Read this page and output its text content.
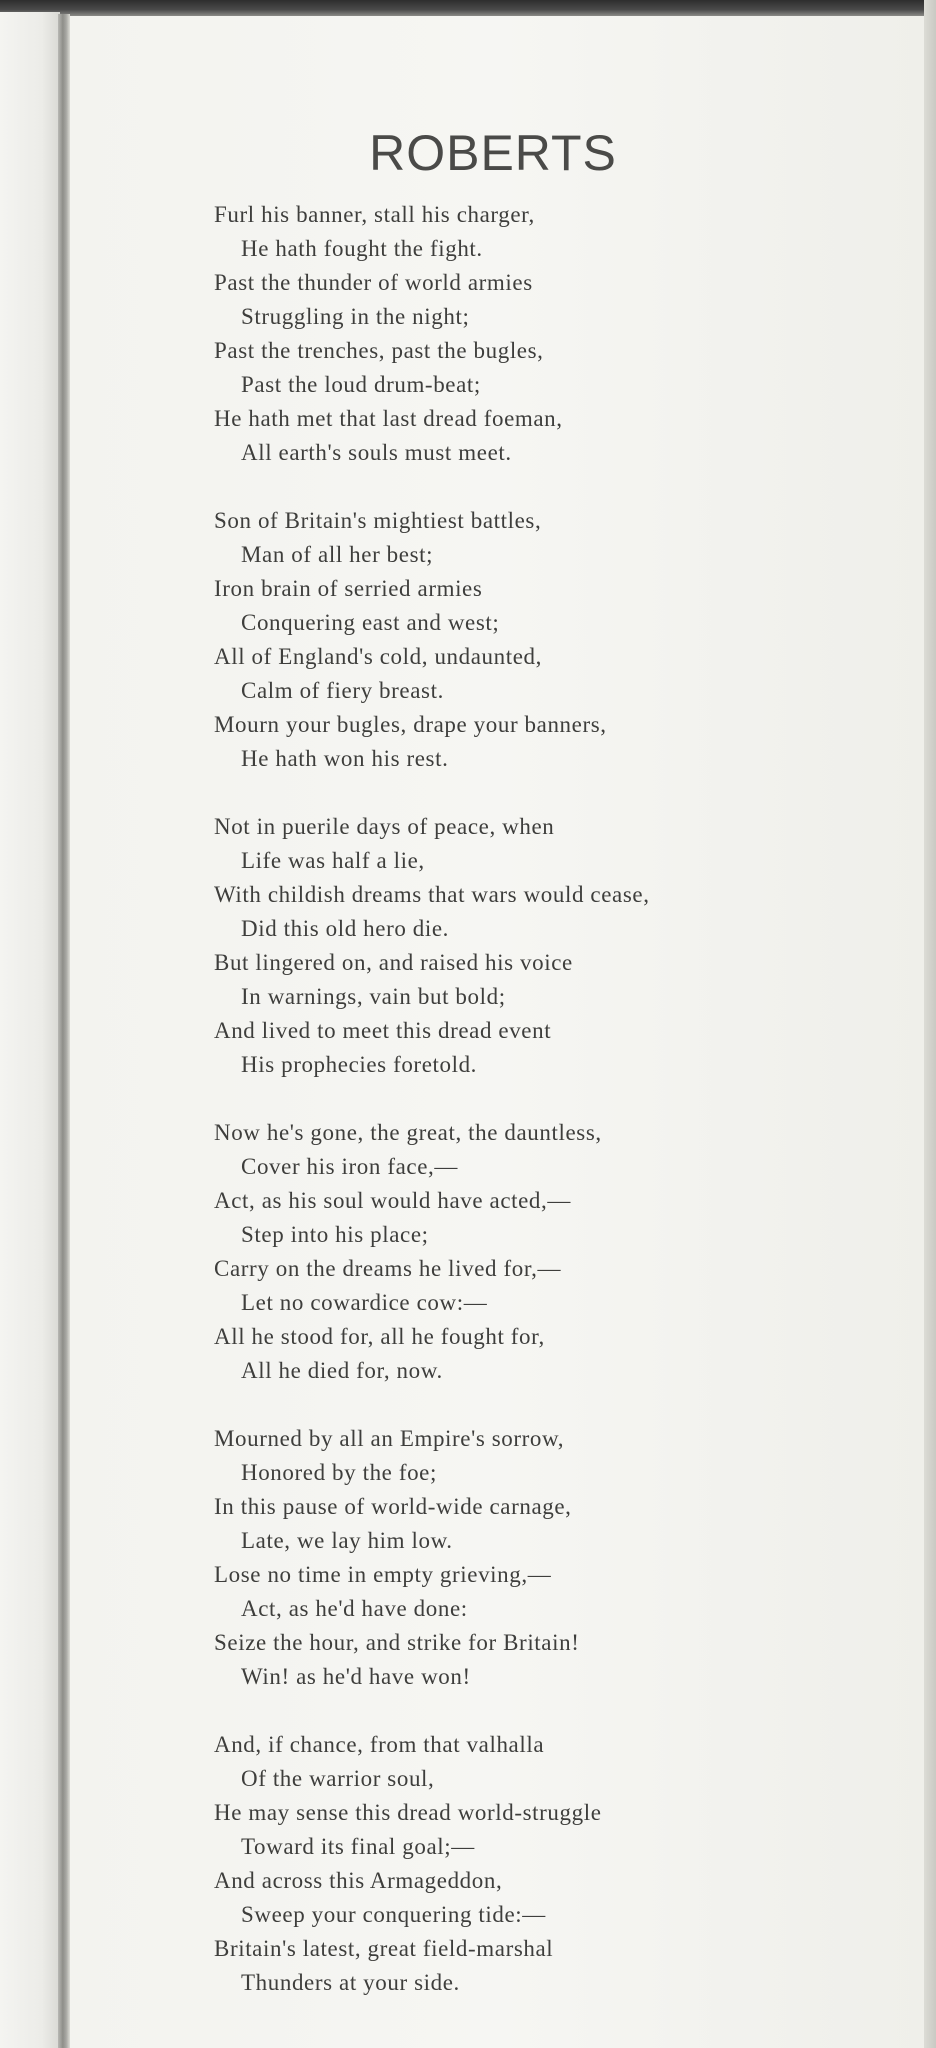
ROBERTS
Furl his banner, stall his charger,
He hath fought the fight.
Past the thunder of world armies
Struggling in the night;
Past the trenches, past the bugles,
Past the loud drum-beat;
He hath met that last dread foeman,
All earth's souls must meet.
Son of Britain's mightiest battles,
Man of all her best;
Iron brain of serried armies
Conquering east and west;
All of England's cold, undaunted,
Calm of fiery breast.
Mourn your bugles, drape your banners,
He hath won his rest.
Not in puerile days of peace, when
Life was half a lie,
With childish dreams that wars would cease,
Did this old hero die.
But lingered on, and raised his voice
In warnings, vain but bold;
And lived to meet this dread event
His prophecies foretold.
Now he's gone, the great, the dauntless,
Cover his iron face,—
Act, as his soul would have acted,—
Step into his place;
Carry on the dreams he lived for,—
Let no cowardice cow:—
All he stood for, all he fought for,
All he died for, now.
Mourned by all an Empire's sorrow,
Honored by the foe;
In this pause of world-wide carnage,
Late, we lay him low.
Lose no time in empty grieving,—
Act, as he'd have done:
Seize the hour, and strike for Britain!
Win! as he'd have won!
And, if chance, from that valhalla
Of the warrior soul,
He may sense this dread world-struggle
Toward its final goal;—
And across this Armageddon,
Sweep your conquering tide:—
Britain's latest, great field-marshal
Thunders at your side.
